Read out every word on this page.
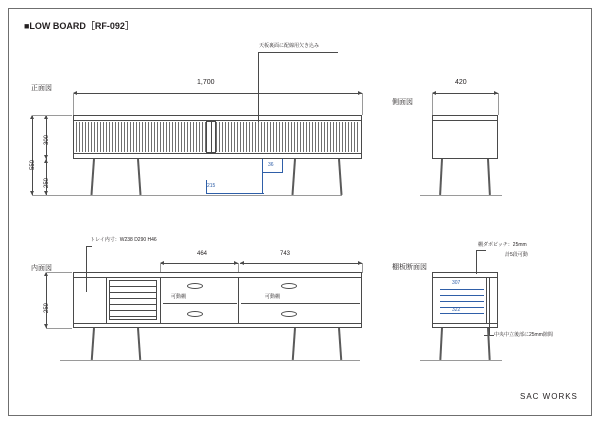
■LOW BOARD［RF-092］
正面図
天板裏面に配線用欠き込み
1,700
300
250
550	36
215
側面図
420
内面図
トレイ内寸：W238 D290 H46
464	743
可動棚	可動棚
259
棚板断面図
棚ダボピッチ：25mm
計5段可動
307
322
中央中立後部に25mm隙間
SAC WORKS
